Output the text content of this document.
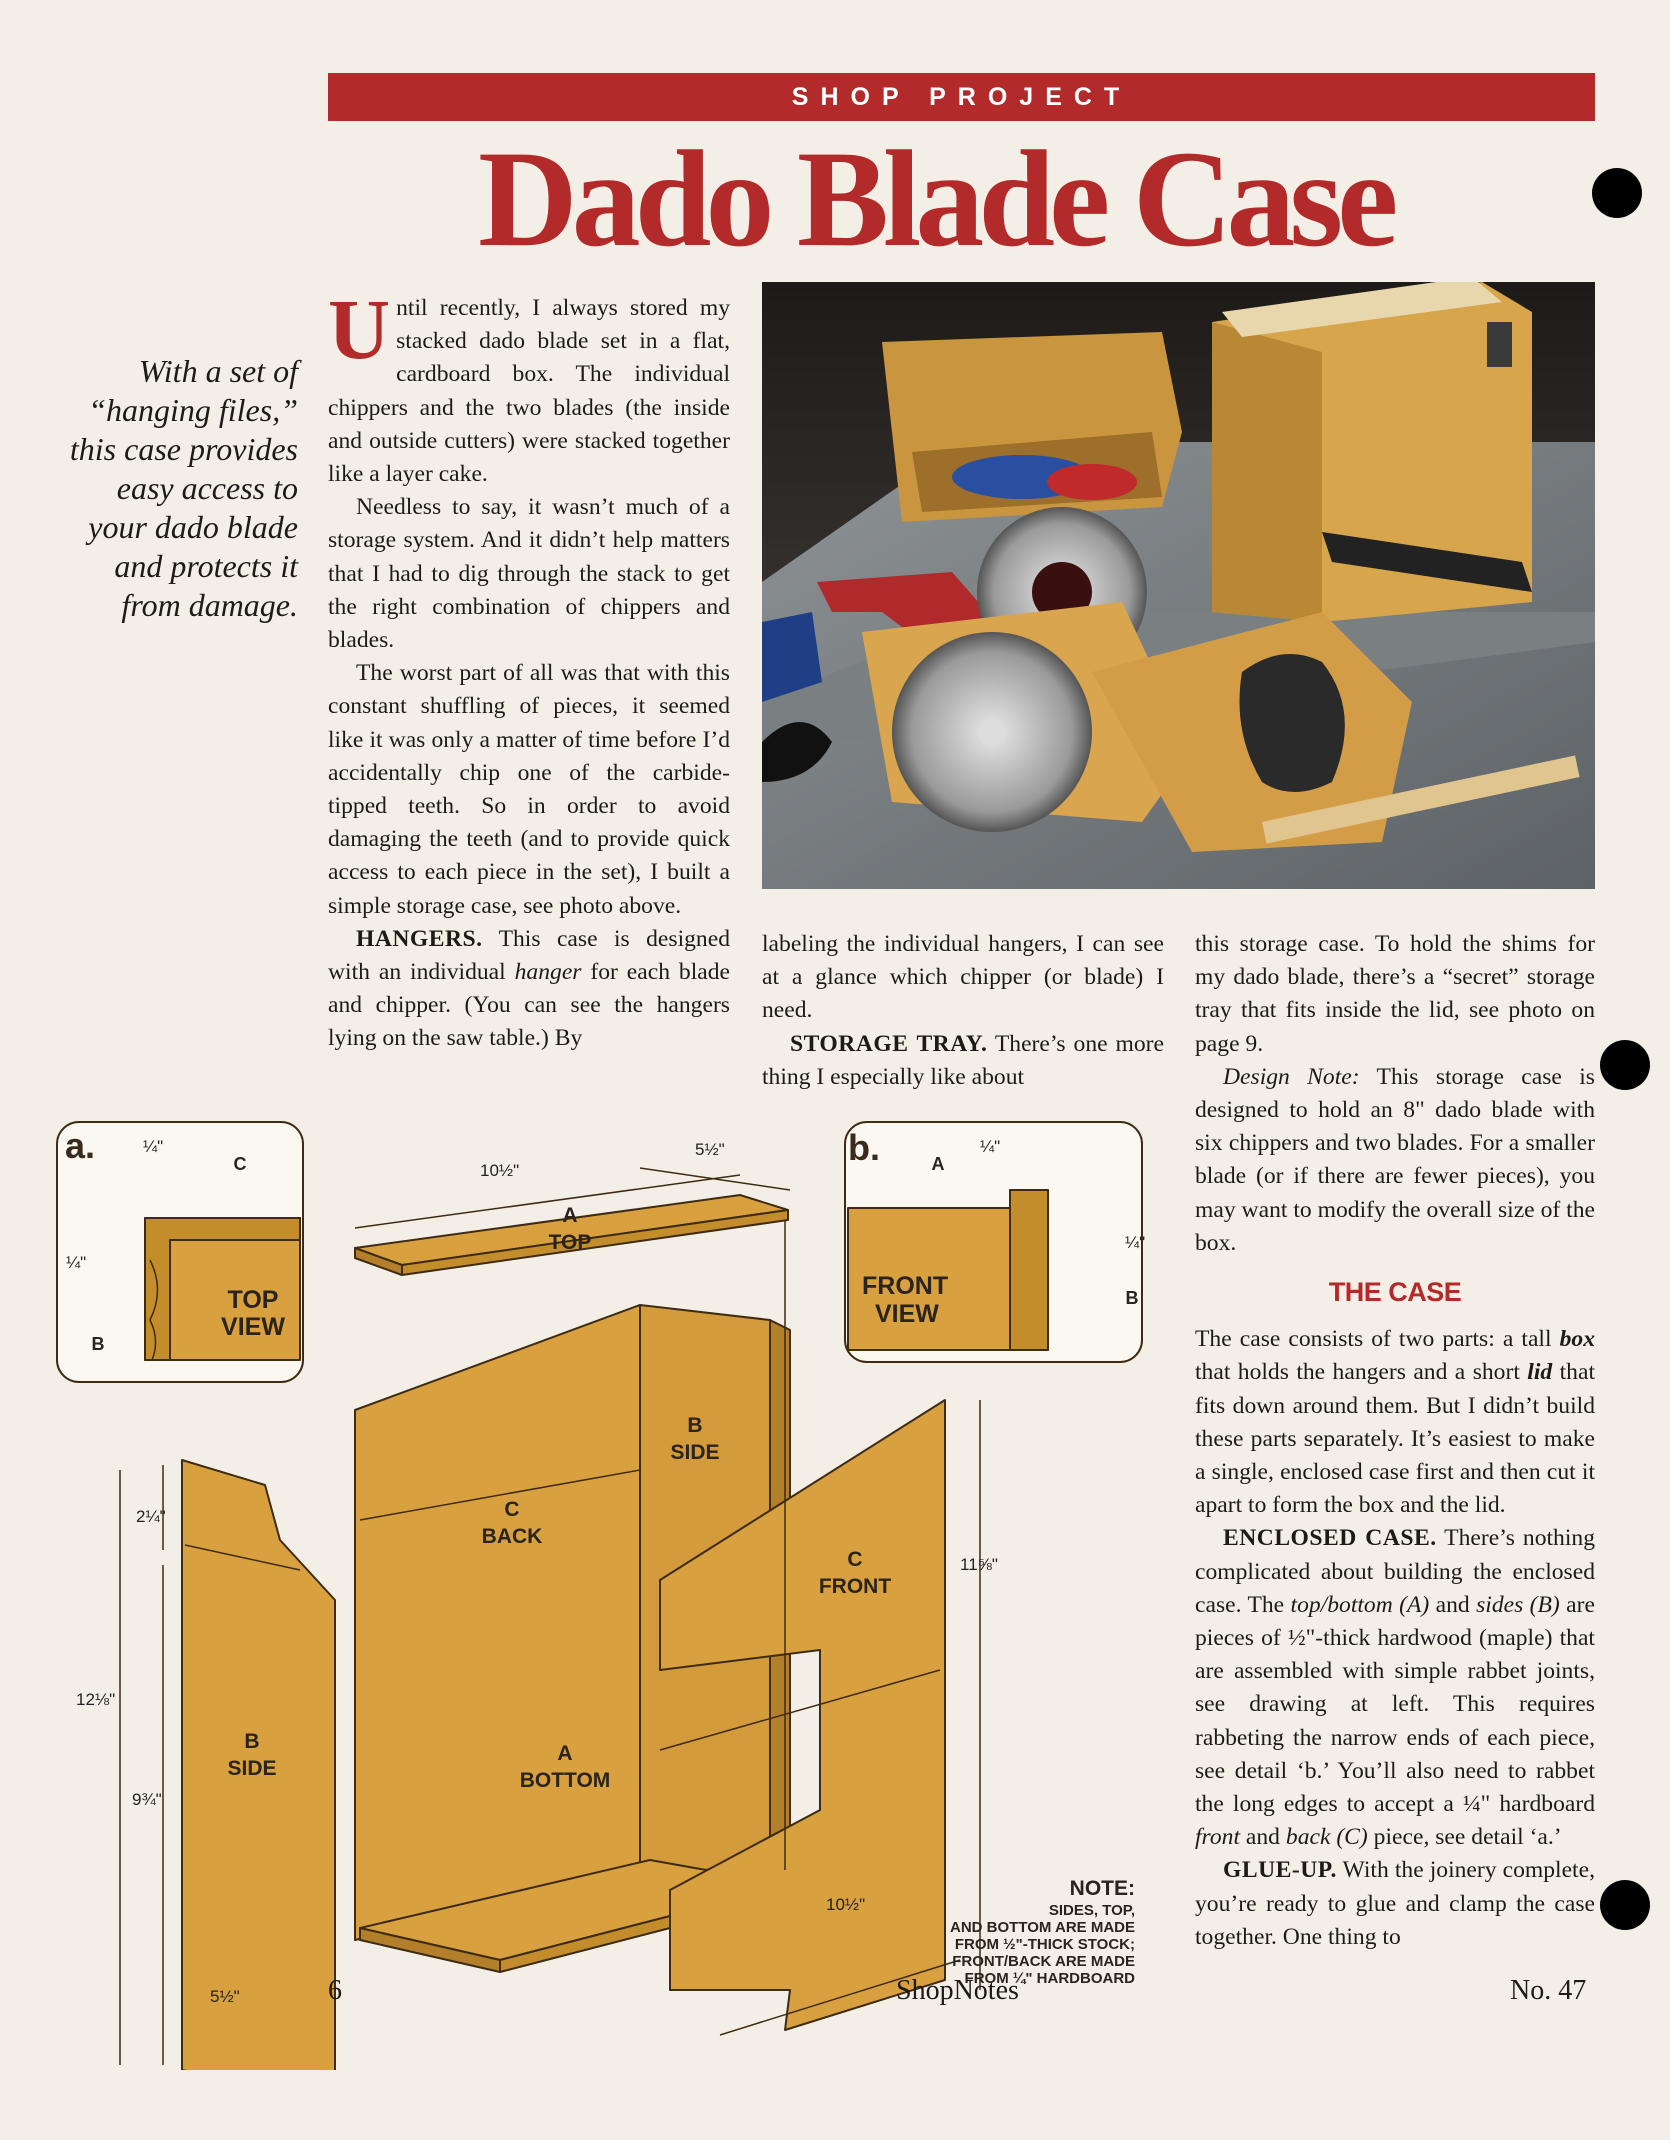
SHOP PROJECT
Dado Blade Case
With a set of
“hanging files,”
this case provides
easy access to
your dado blade
and protects it
from damage.

Until recently, I always stored my stacked dado blade set in a flat, cardboard box. The individual chippers and the two blades (the inside and outside cutters) were stacked together like a layer cake.

Needless to say, it wasn’t much of a storage system. And it didn’t help matters that I had to dig through the stack to get the right combination of chippers and blades.

The worst part of all was that with this constant shuffling of pieces, it seemed like it was only a matter of time before I’d accidentally chip one of the carbide-tipped teeth. So in order to avoid damaging the teeth (and to provide quick access to each piece in the set), I built a simple storage case, see photo above.

HANGERS. This case is designed with an individual hanger for each blade and chipper. (You can see the hangers lying on the saw table.) By

labeling the individual hangers, I can see at a glance which chipper (or blade) I need.

STORAGE TRAY. There’s one more thing I especially like about

this storage case. To hold the shims for my dado blade, there’s a “secret” storage tray that fits inside the lid, see photo on page 9.

Design Note: This storage case is designed to hold an 8" dado blade with six chippers and two blades. For a smaller blade (or if there are fewer pieces), you may want to modify the overall size of the box.

THE CASE

The case consists of two parts: a tall box that holds the hangers and a short lid that fits down around them. But I didn’t build these parts separately. It’s easiest to make a single, enclosed case first and then cut it apart to form the box and the lid.

ENCLOSED CASE. There’s nothing complicated about building the enclosed case. The top/bottom (A) and sides (B) are pieces of ½"-thick hardwood (maple) that are assembled with simple rabbet joints, see drawing at left. This requires rabbeting the narrow ends of each piece, see detail ‘b.’ You’ll also need to rabbet the long edges to accept a ¼" hardboard front and back (C) piece, see detail ‘a.’

GLUE-UP. With the joinery complete, you’re ready to glue and clamp the case together. One thing to

A
TOP
C
BACK
B
SIDE
C
FRONT
A
BOTTOM
B
SIDE
10½"
5½"
11⅝"
10½"
12⅛"
2¼"
9¾"
5½"
a.	¼"
¼"
C
B
TOP
VIEW
b.	¼"
¼"
A
B
FRONT
VIEW
NOTE:
SIDES, TOP,
AND BOTTOM ARE MADE
FROM ½"-THICK STOCK;
FRONT/BACK ARE MADE
FROM ¼" HARDBOARD
6	ShopNotes	No. 47
